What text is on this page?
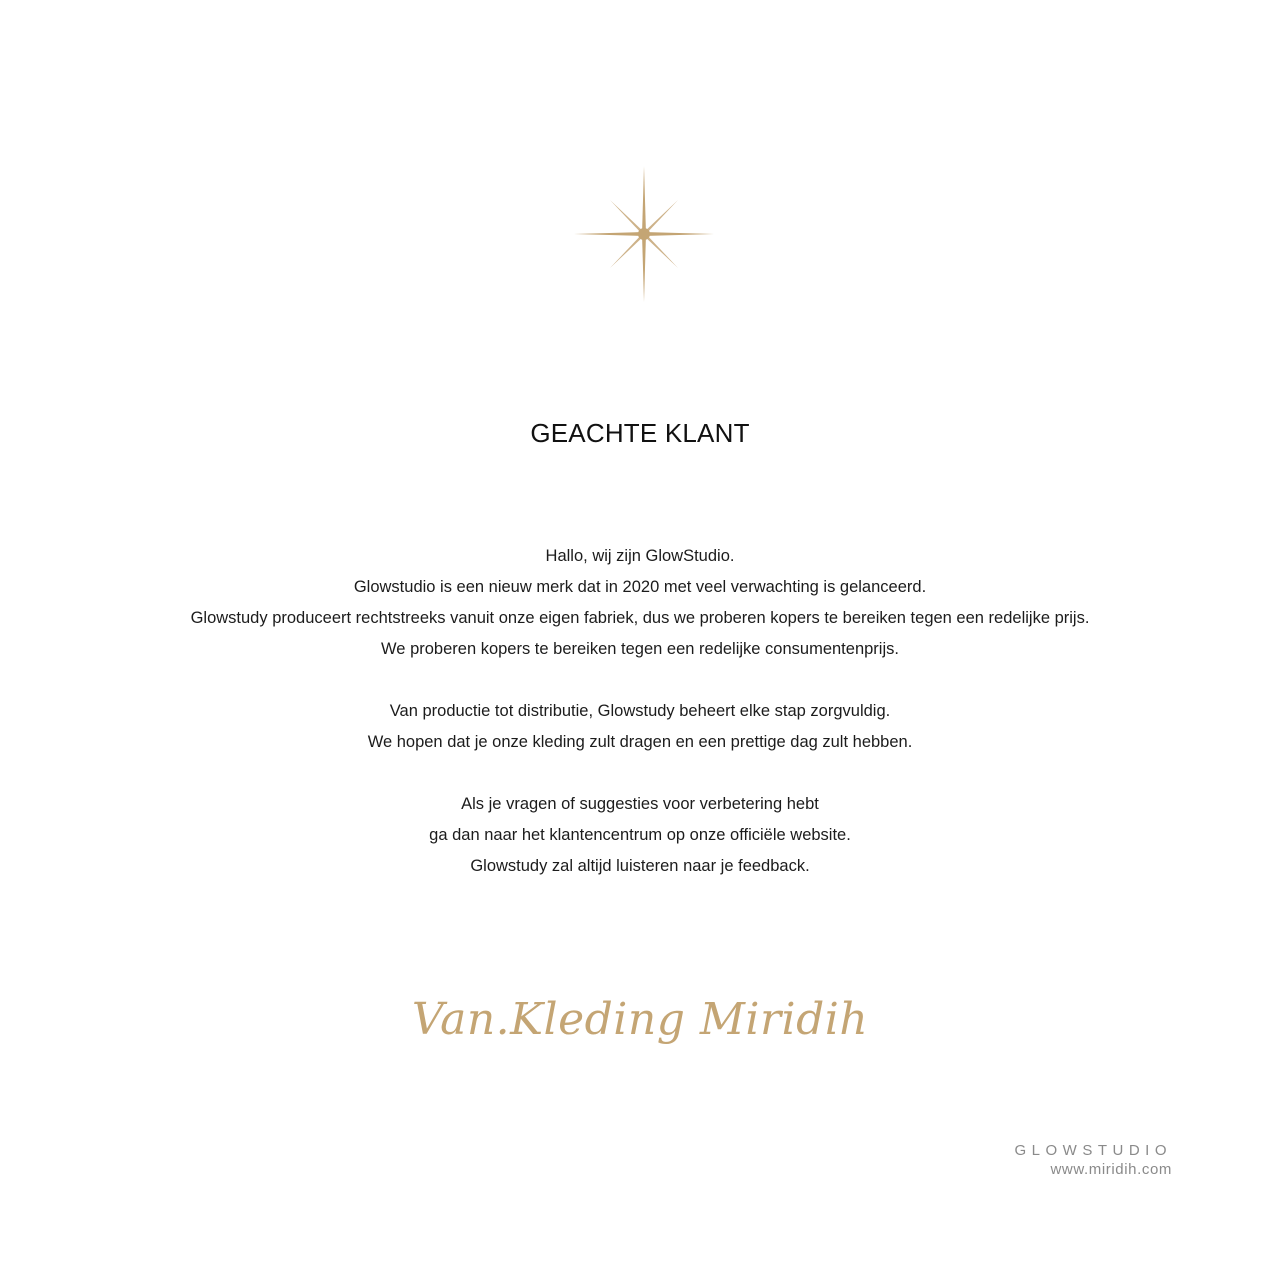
GEACHTE KLANT

Hallo, wij zijn GlowStudio.
Glowstudio is een nieuw merk dat in 2020 met veel verwachting is gelanceerd.
Glowstudy produceert rechtstreeks vanuit onze eigen fabriek, dus we proberen kopers te bereiken tegen een redelijke prijs.
We proberen kopers te bereiken tegen een redelijke consumentenprijs.

Van productie tot distributie, Glowstudy beheert elke stap zorgvuldig.
We hopen dat je onze kleding zult dragen en een prettige dag zult hebben.

Als je vragen of suggesties voor verbetering hebt
ga dan naar het klantencentrum op onze officiële website.
Glowstudy zal altijd luisteren naar je feedback.

Van.Kleding Miridih
GLOWSTUDIO
www.miridih.com
